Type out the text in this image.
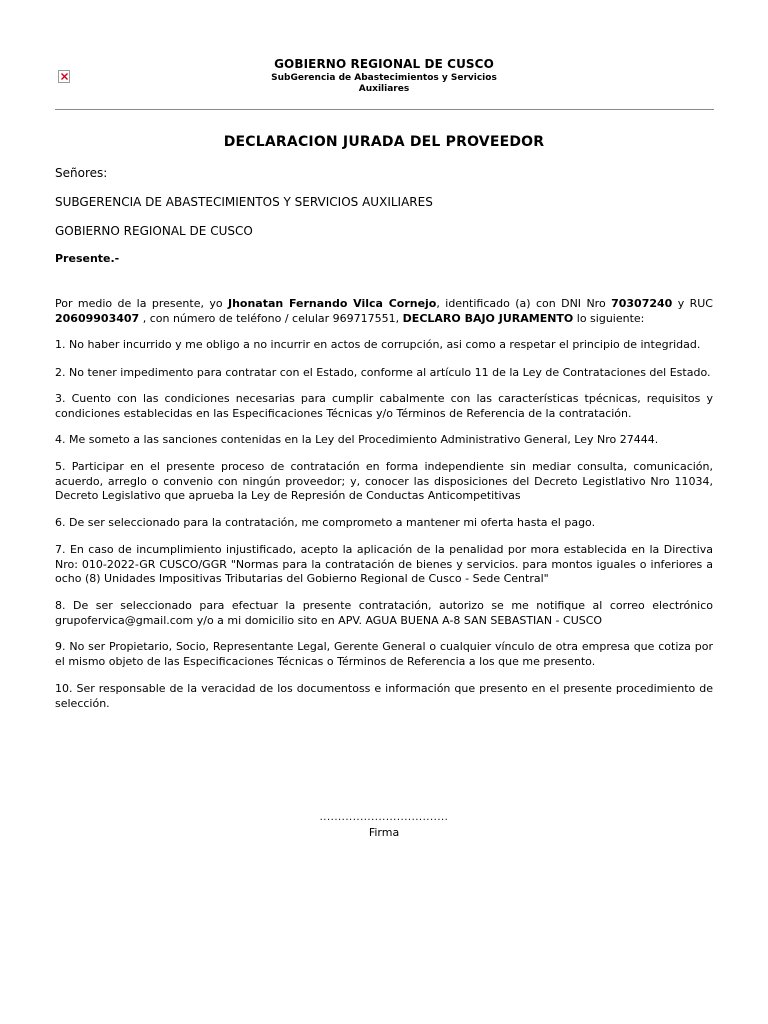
GOBIERNO REGIONAL DE CUSCO
SubGerencia de Abastecimientos y Servicios
Auxiliares
DECLARACION JURADA DEL PROVEEDOR
Señores:
SUBGERENCIA DE ABASTECIMIENTOS Y SERVICIOS AUXILIARES
GOBIERNO REGIONAL DE CUSCO
Presente.-
Por medio de la presente, yo Jhonatan Fernando Vilca Cornejo, identificado (a) con DNI Nro 70307240 y RUC 20609903407 , con número de teléfono / celular 969717551, DECLARO BAJO JURAMENTO lo siguiente:
1. No haber incurrido y me obligo a no incurrir en actos de corrupción, asi como a respetar el principio de integridad.
2. No tener impedimento para contratar con el Estado, conforme al artículo 11 de la Ley de Contrataciones del Estado.
3. Cuento con las condiciones necesarias para cumplir cabalmente con las características tpécnicas, requisitos y condiciones establecidas en las Especificaciones Técnicas y/o Términos de Referencia de la contratación.
4. Me someto a las sanciones contenidas en la Ley del Procedimiento Administrativo General, Ley Nro 27444.
5. Participar en el presente proceso de contratación en forma independiente sin mediar consulta, comunicación, acuerdo, arreglo o convenio con ningún proveedor; y, conocer las disposiciones del Decreto Legistlativo Nro 11034, Decreto Legislativo que aprueba la Ley de Represión de Conductas Anticompetitivas
6. De ser seleccionado para la contratación, me comprometo a mantener mi oferta hasta el pago.
7. En caso de incumplimiento injustificado, acepto la aplicación de la penalidad por mora establecida en la Directiva Nro: 010-2022-GR CUSCO/GGR "Normas para la contratación de bienes y servicios. para montos iguales o inferiores a ocho (8) Unidades Impositivas Tributarias del Gobierno Regional de Cusco - Sede Central"
8. De ser seleccionado para efectuar la presente contratación, autorizo se me notifique al correo electrónico grupofervica@gmail.com y/o a mi domicilio sito en APV. AGUA BUENA A-8 SAN SEBASTIAN - CUSCO
9. No ser Propietario, Socio, Representante Legal, Gerente General o cualquier vínculo de otra empresa que cotiza por el mismo objeto de las Especificaciones Técnicas o Términos de Referencia a los que me presento.
10. Ser responsable de la veracidad de los documentoss e información que presento en el presente procedimiento de selección.
...................................
Firma
